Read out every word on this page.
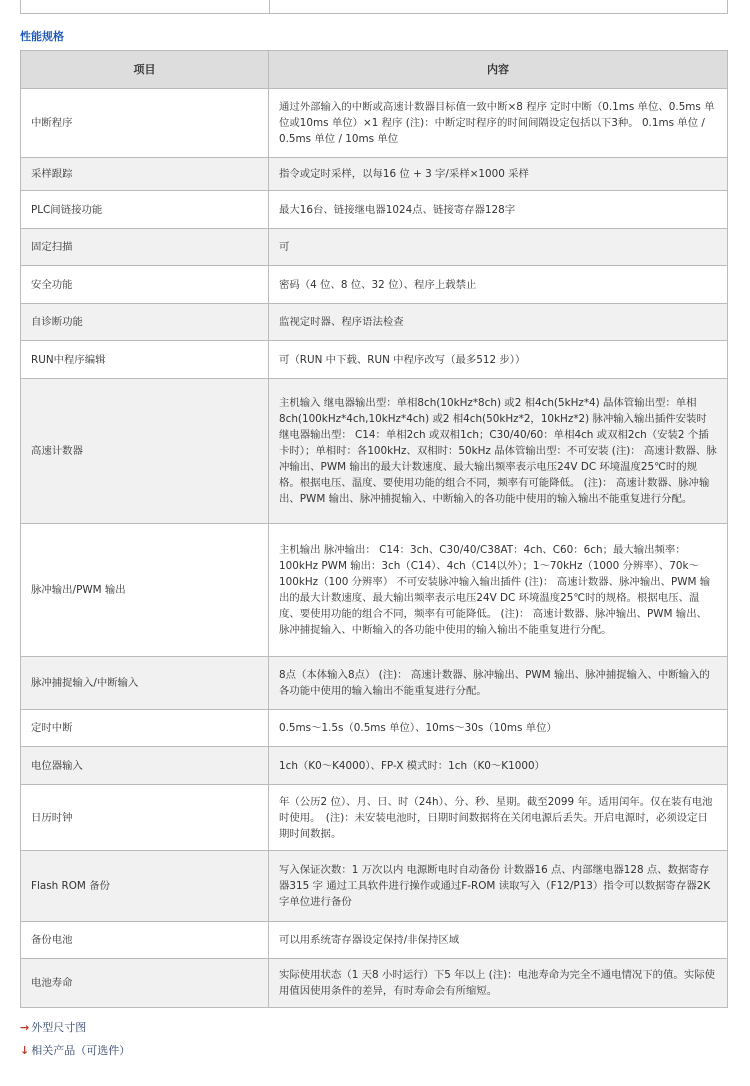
性能规格
项目	内容
中断程序	通过外部输入的中断或高速计数器目标值一致中断×8 程序 定时中断（0.1ms 单位、0.5ms 单位或10ms 单位）×1 程序 (注)：中断定时程序的时间间隔设定包括以下3种。 0.1ms 单位 / 0.5ms 单位 / 10ms 单位
采样跟踪	指令或定时采样，以每16 位 + 3 字/采样×1000 采样
PLC间链接功能	最大16台、链接继电器1024点、链接寄存器128字
固定扫描	可
安全功能	密码（4 位、8 位、32 位）、程序上载禁止
自诊断功能	监视定时器、程序语法检查
RUN中程序编辑	可（RUN 中下载、RUN 中程序改写（最多512 步））
高速计数器	主机输入 继电器输出型：单相8ch(10kHz*8ch) 或2 相4ch(5kHz*4) 晶体管输出型：单相8ch(100kHz*4ch,10kHz*4ch) 或2 相4ch(50kHz*2，10kHz*2) 脉冲输入输出插件安装时 继电器输出型： C14：单相2ch 或双相1ch；C30/40/60：单相4ch 或双相2ch（安装2 个插卡时）；单相时：各100kHz、双相时：50kHz 晶体管输出型：不可安装 (注)： 高速计数器、脉冲输出、PWM 输出的最大计数速度、最大输出频率表示电压24V DC 环境温度25℃时的规格。根据电压、温度、要使用功能的组合不同，频率有可能降低。 (注)： 高速计数器、脉冲输出、PWM 输出、脉冲捕捉输入、中断输入的各功能中使用的输入输出不能重复进行分配。
脉冲输出/PWM 输出	主机输出 脉冲输出： C14：3ch、C30/40/C38AT：4ch、C60：6ch；最大输出频率：100kHz PWM 输出：3ch（C14）、4ch（C14以外）；1～70kHz（1000 分辨率）、70k～100kHz（100 分辨率） 不可安装脉冲输入输出插件 (注)： 高速计数器、脉冲输出、PWM 输出的最大计数速度、最大输出频率表示电压24V DC 环境温度25℃时的规格。根据电压、温度、要使用功能的组合不同，频率有可能降低。 (注)： 高速计数器、脉冲输出、PWM 输出、脉冲捕捉输入、中断输入的各功能中使用的输入输出不能重复进行分配。
脉冲捕捉输入/中断输入	8点（本体输入8点） (注)： 高速计数器、脉冲输出、PWM 输出、脉冲捕捉输入、中断输入的各功能中使用的输入输出不能重复进行分配。
定时中断	0.5ms～1.5s（0.5ms 单位）、10ms～30s（10ms 单位）
电位器输入	1ch（K0～K4000）、FP-X 模式时：1ch（K0～K1000）
日历时钟	年（公历2 位）、月、日、时（24h）、分、秒、星期。截至2099 年。适用闰年。仅在装有电池时使用。　(注)：未安装电池时，日期时间数据将在关闭电源后丢失。开启电源时，必须设定日期时间数据。
Flash ROM 备份	写入保证次数：1 万次以内 电源断电时自动备份 计数器16 点、内部继电器128 点、数据寄存器315 字 通过工具软件进行操作或通过F-ROM 读取写入（F12/P13）指令可以数据寄存器2K 字单位进行备份
备份电池	可以用系统寄存器设定保持/非保持区域
电池寿命	实际使用状态（1 天8 小时运行）下5 年以上 (注)：电池寿命为完全不通电情况下的值。实际使用值因使用条件的差异，有时寿命会有所缩短。
→ 外型尺寸图
↓ 相关产品（可选件）
